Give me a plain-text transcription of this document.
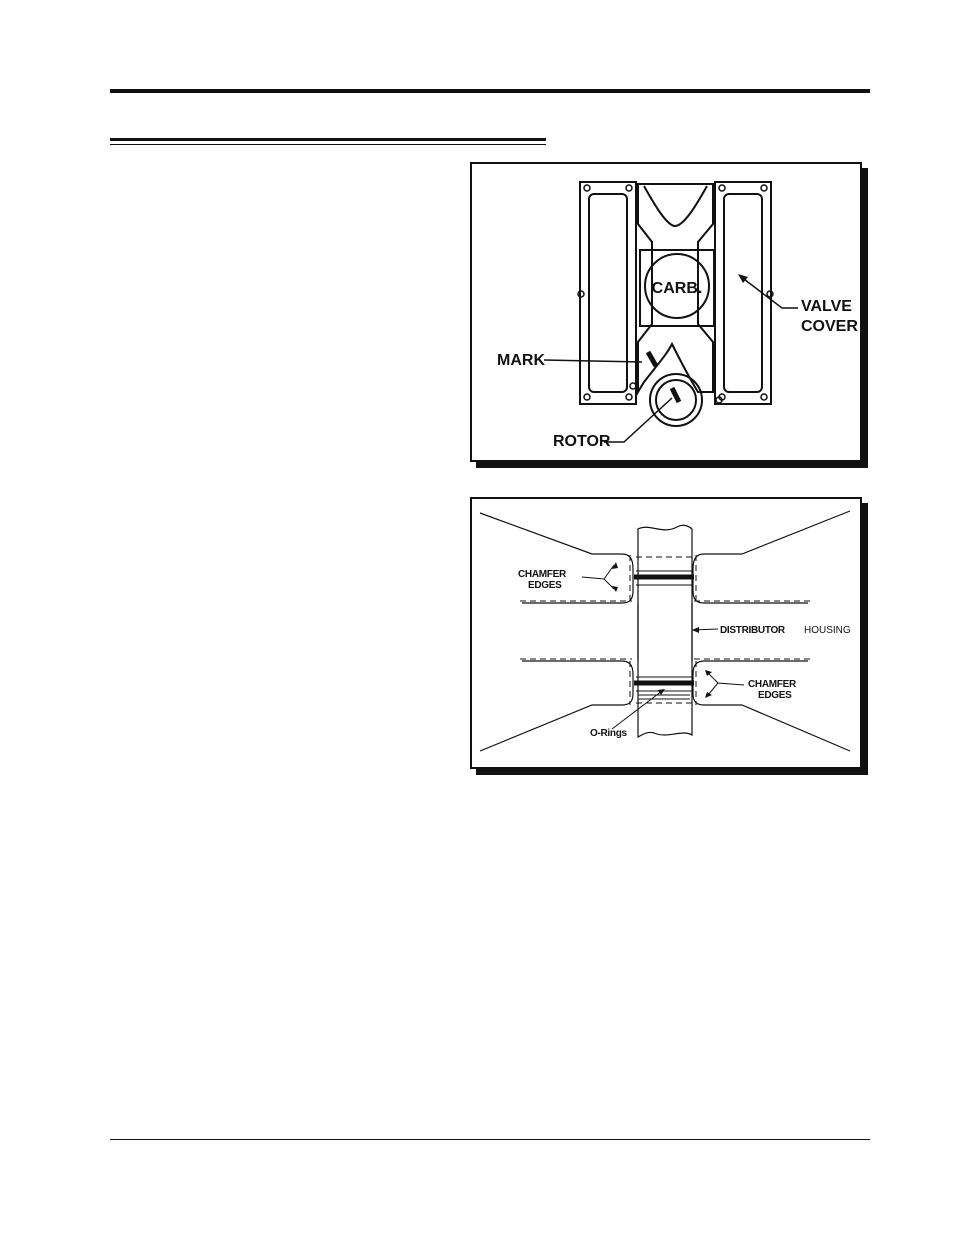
CARB.
VALVE
COVER
MARK
ROTOR
CHAMFER
EDGES
DISTRIBUTOR HOUSING
CHAMFER
EDGES
O-Rings
